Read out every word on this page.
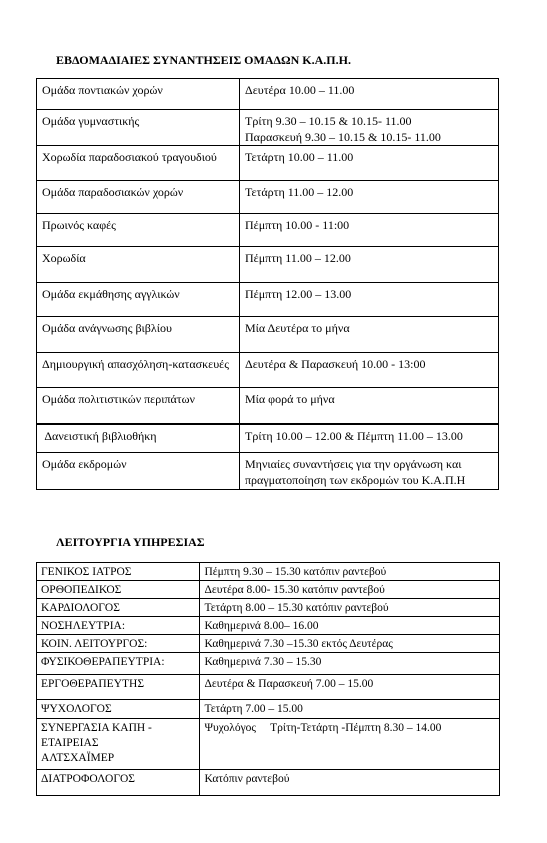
ΕΒΔΟΜΑΔΙΑΙΕΣ ΣΥΝΑΝΤΗΣΕΙΣ ΟΜΑΔΩΝ Κ.Α.Π.Η.
Ομάδα ποντιακών χορών	Δευτέρα 10.00 – 11.00

Ομάδα γυμναστικής	Τρίτη 9.30 – 10.15 & 10.15- 11.00
Παρασκευή 9.30 – 10.15 & 10.15- 11.00

Χορωδία παραδοσιακού τραγουδιού	Τετάρτη 10.00 – 11.00

Ομάδα παραδοσιακών χορών	Τετάρτη 11.00 – 12.00

Πρωινός καφές	Πέμπτη 10.00 - 11:00

Χορωδία	Πέμπτη 11.00 – 12.00

Ομάδα εκμάθησης αγγλικών	Πέμπτη 12.00 – 13.00

Ομάδα ανάγνωσης βιβλίου	Μία Δευτέρα το μήνα

Δημιουργική απασχόληση-κατασκευές	Δευτέρα & Παρασκευή 10.00 - 13:00

Ομάδα πολιτιστικών περιπάτων	Μία φορά το μήνα

Δανειστική βιβλιοθήκη	Τρίτη 10.00 – 12.00 & Πέμπτη 11.00 – 13.00

Ομάδα εκδρομών	Μηνιαίες συναντήσεις για την οργάνωση και
πραγματοποίηση των εκδρομών του Κ.Α.Π.Η
ΛΕΙΤΟΥΡΓΙΑ ΥΠΗΡΕΣΙΑΣ
ΓΕΝΙΚΟΣ ΙΑΤΡΟΣ	Πέμπτη 9.30 – 15.30 κατόπιν ραντεβού

ΟΡΘΟΠΕΔΙΚΟΣ	Δευτέρα 8.00- 15.30 κατόπιν ραντεβού

ΚΑΡΔΙΟΛΟΓΟΣ	Τετάρτη 8.00 – 15.30 κατόπιν ραντεβού

ΝΟΣΗΛΕΥΤΡΙΑ:	Καθημερινά 8.00– 16.00

ΚΟΙΝ. ΛΕΙΤΟΥΡΓΟΣ:	Καθημερινά 7.30 –15.30 εκτός Δευτέρας

ΦΥΣΙΚΟΘΕΡΑΠΕΥΤΡΙΑ:	Καθημερινά 7.30 – 15.30

ΕΡΓΟΘΕΡΑΠΕΥΤΗΣ	Δευτέρα & Παρασκευή 7.00 – 15.00

ΨΥΧΟΛΟΓΟΣ	Τετάρτη 7.00 – 15.00

ΣΥΝΕΡΓΑΣΙΑ ΚΑΠΗ -
ΕΤΑΙΡΕΙΑΣ
ΑΛΤΣΧΑΪΜΕΡ	Ψυχολόγος     Τρίτη-Τετάρτη -Πέμπτη 8.30 – 14.00

ΔΙΑΤΡΟΦΟΛΟΓΟΣ	Κατόπιν ραντεβού
